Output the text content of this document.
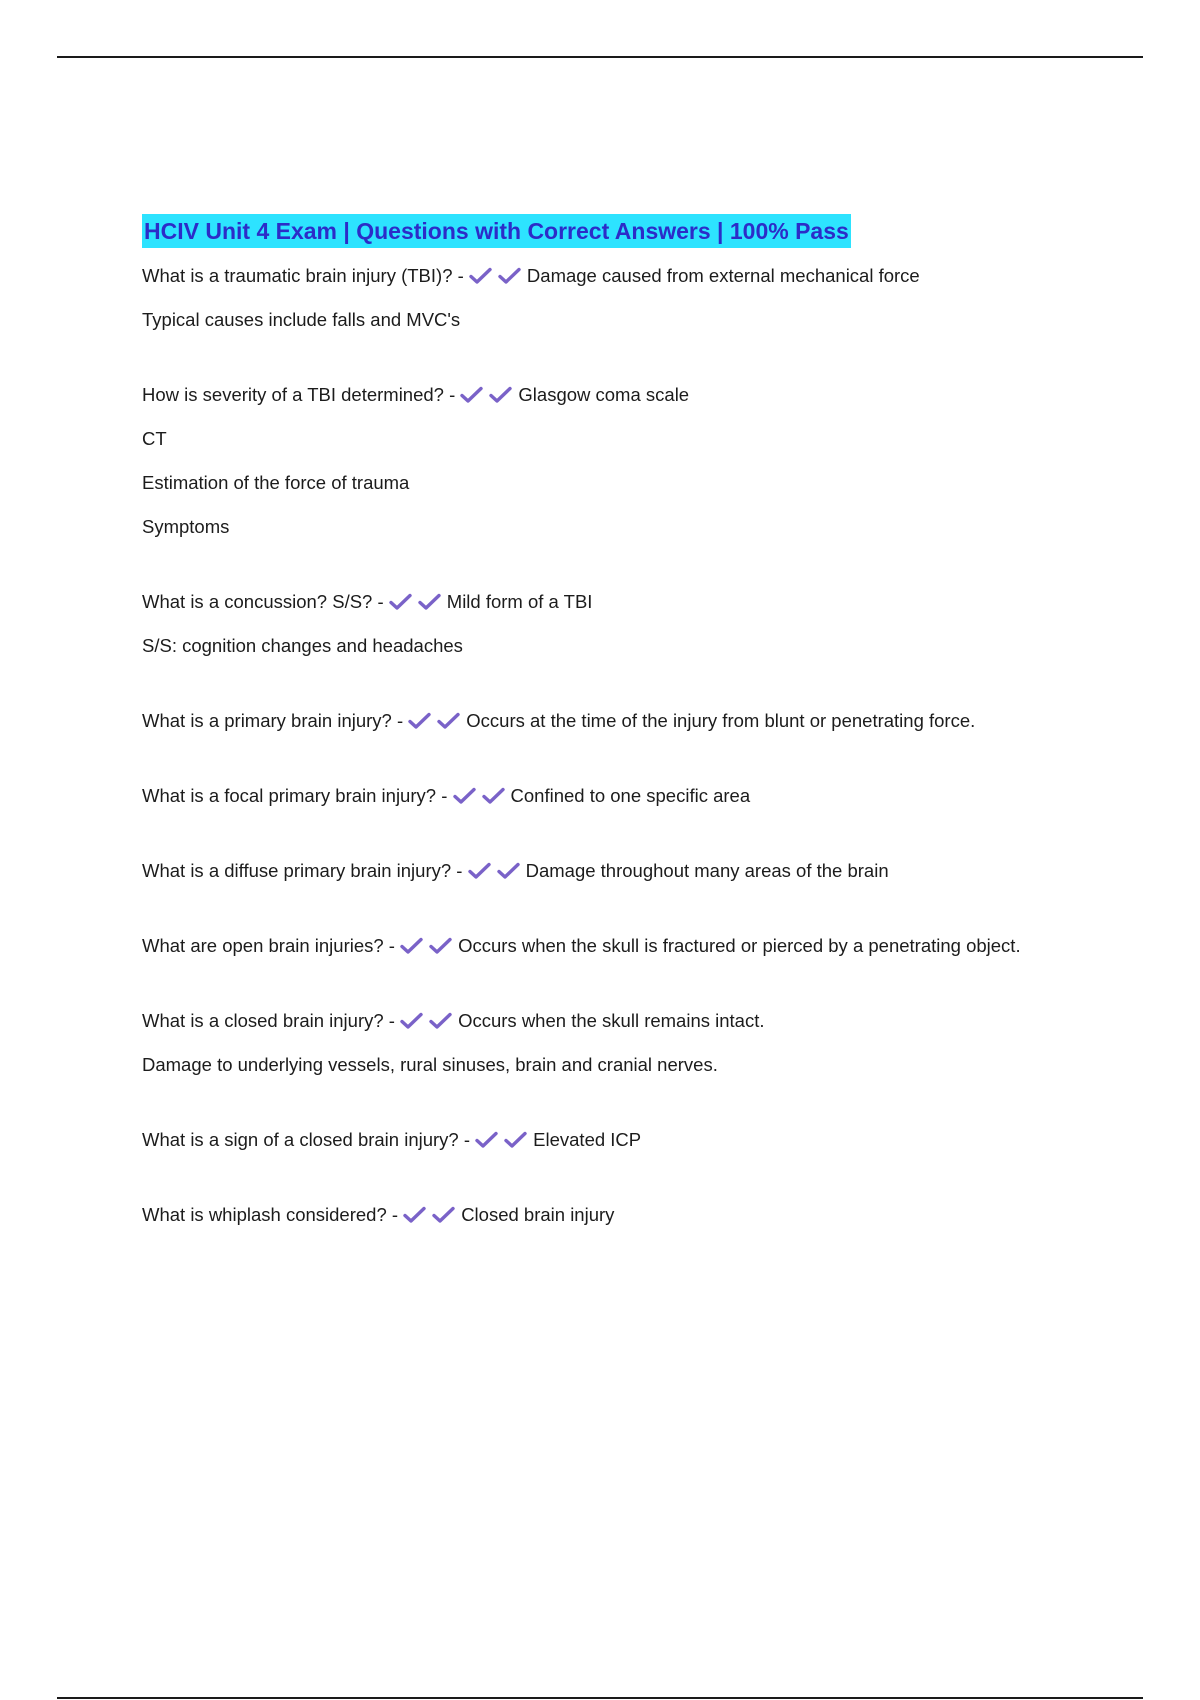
HCIV Unit 4 Exam | Questions with Correct Answers | 100% Pass

What is a traumatic brain injury (TBI)? -	Damage caused from external mechanical force

Typical causes include falls and MVC's

How is severity of a TBI determined? -	Glasgow coma scale

CT

Estimation of the force of trauma

Symptoms

What is a concussion? S/S? -	Mild form of a TBI

S/S: cognition changes and headaches

What is a primary brain injury? -	Occurs at the time of the injury from blunt or penetrating force.

What is a focal primary brain injury? -	Confined to one specific area

What is a diffuse primary brain injury? -	Damage throughout many areas of the brain

What are open brain injuries? -	Occurs when the skull is fractured or pierced by a penetrating object.

What is a closed brain injury? -	Occurs when the skull remains intact.

Damage to underlying vessels, rural sinuses, brain and cranial nerves.

What is a sign of a closed brain injury? -	Elevated ICP

What is whiplash considered? -	Closed brain injury
